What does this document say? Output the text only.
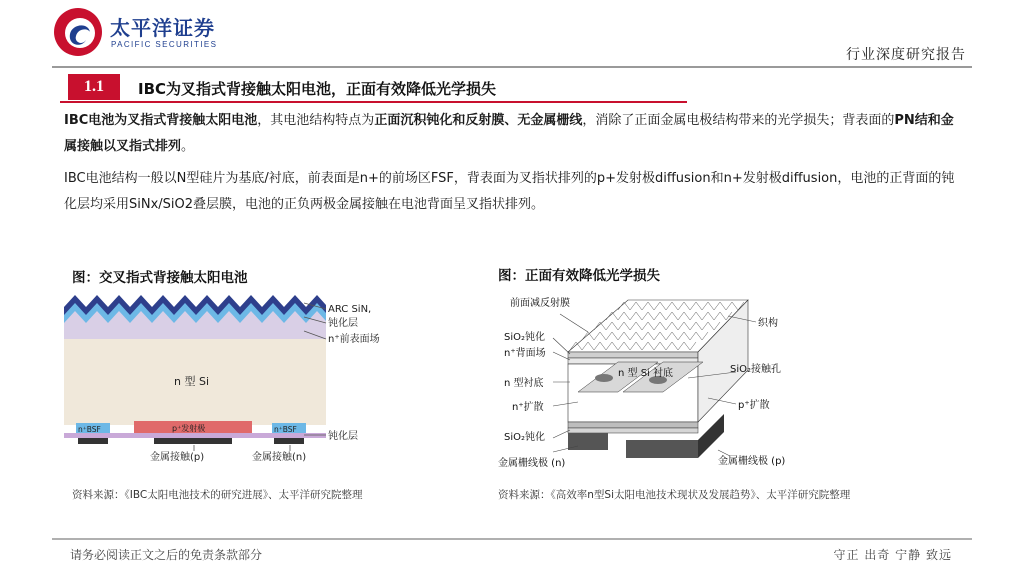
太平洋证券
PACIFIC SECURITIES
行业深度研究报告
1.1	IBC为叉指式背接触太阳电池，正面有效降低光学损失
IBC电池为叉指式背接触太阳电池，其电池结构特点为正面沉积钝化和反射膜、无金属栅线，消除了正面金属电极结构带来的光学损失；背表面的PN结和金属接触以叉指式排列。
IBC电池结构一般以N型硅片为基底/衬底，前表面是n+的前场区FSF，背表面为叉指状排列的p+发射极diffusion和n+发射极diffusion，电池的正背面的钝化层均采用SiNx/SiO2叠层膜，电池的正负两极金属接触在电池背面呈叉指状排列。
图：交叉指式背接触太阳电池
ARC SiN,
钝化层
n⁺前表面场
n 型 Si
n⁺BSF	p⁺发射极	n⁺BSF
钝化层
金属接触(p)	金属接触(n)
资料来源：《IBC太阳电池技术的研究进展》、太平洋研究院整理
图：正面有效降低光学损失
前面减反射膜
SiO₂钝化
n⁺背面场
n 型衬底
n⁺扩散
SiO₂钝化
金属栅线极 (n)
织构
n 型 Si 衬底	SiO₂接触孔
p⁺扩散
金属栅线极 (p)
资料来源：《高效率n型Si太阳电池技术现状及发展趋势》、太平洋研究院整理
请务必阅读正文之后的免责条款部分	守正 出奇 宁静 致远
